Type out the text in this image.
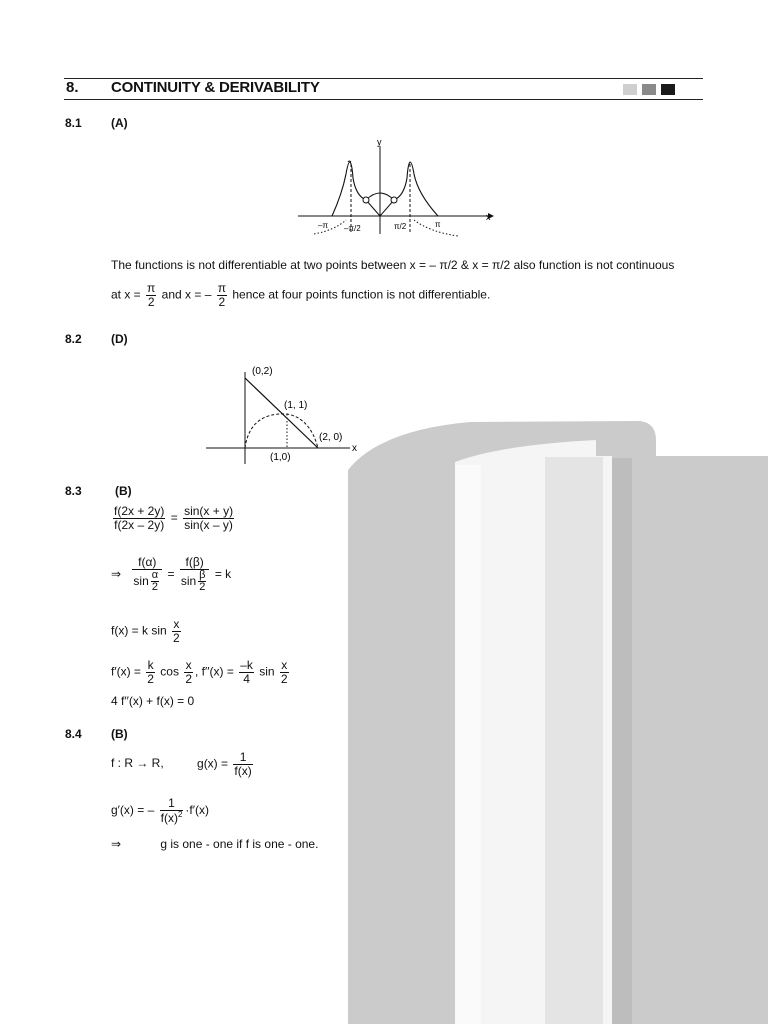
8. CONTINUITY & DERIVABILITY
8.1 (A)
y
x
–π –π/2	π/2	π
The functions is not differentiable at two points between x = – π/2 & x = π/2 also function is not continuous
at $x = \frac{\pi}{2}$ and x = – $\frac{\pi}{2}$ hence at four points function is not differentiable.
8.2 (D)
x
(0,2)
(1, 1)
(2, 0)
(1,0)
8.3	(B)
$\frac{f(2x + 2y)}{f(2x - 2y)} = \frac{\sin(x + y)}{\sin(x - y)}$
⇒ $\frac{f(\alpha)}{\sin \frac{\alpha}{2}} = \frac{f(\beta)}{\sin \frac{\beta}{2}} = k$
f(x) = k $\sin \frac{x}{2}$
$f'(x) = \frac{k}{2}$ $\cos \frac{x}{2}$ , $f''(x) = \frac{-k}{4}$ $\sin \frac{x}{2}$
4 f′′(x) + f(x) = 0
8.4 (B)
f : R → R,	$g(x) = \frac{1}{f(x)}$
g′(x) = – $\frac{1}{f(x)^2} \cdot f'(x)$
⇒	g is one - one if f is one - one.
